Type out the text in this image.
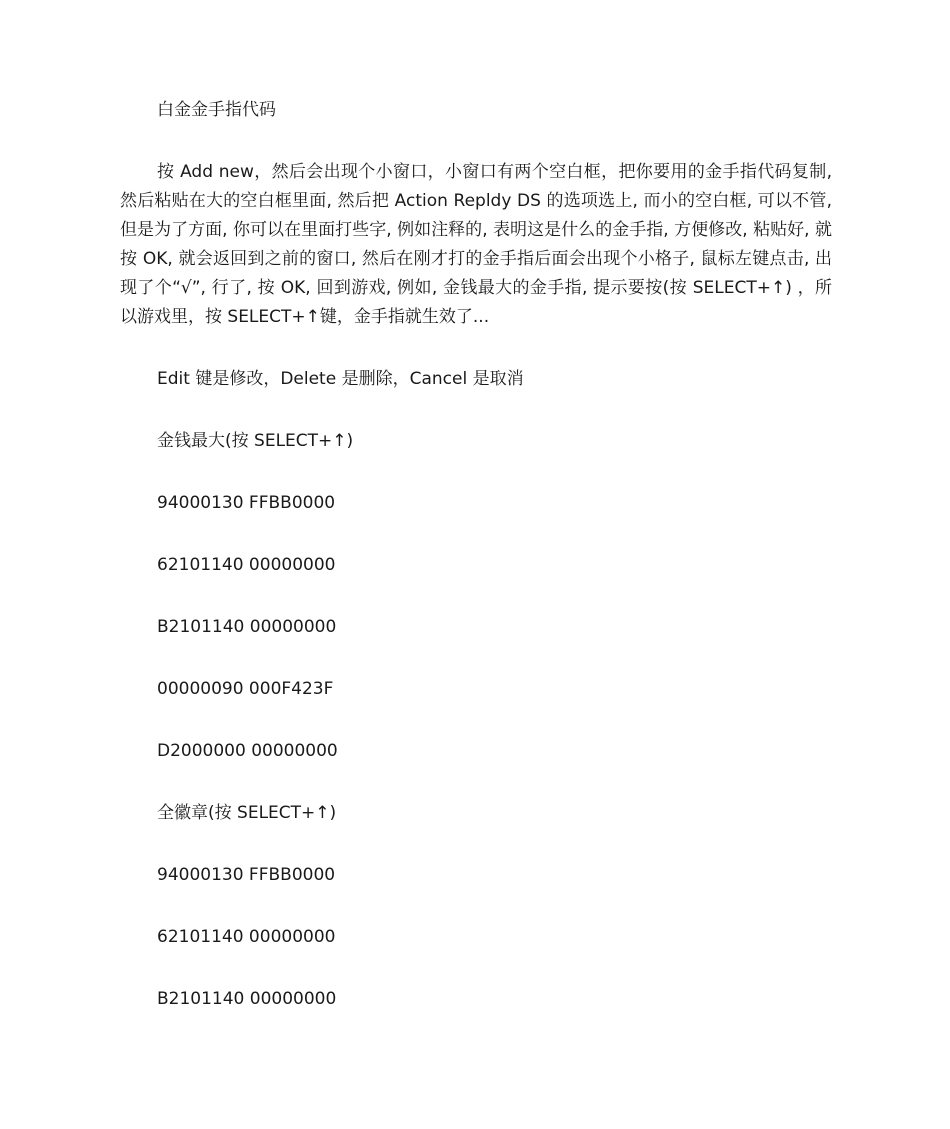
白金金手指代码

按 Add new，然后会出现个小窗口，小窗口有两个空白框，把你要用的金手指代码复制, 然后粘贴在大的空白框里面, 然后把 Action Repldy DS 的选项选上, 而小的空白框, 可以不管, 但是为了方面, 你可以在里面打些字, 例如注释的, 表明这是什么的金手指, 方便修改, 粘贴好, 就按 OK, 就会返回到之前的窗口, 然后在刚才打的金手指后面会出现个小格子, 鼠标左键点击, 出现了个“√”, 行了, 按 OK, 回到游戏, 例如, 金钱最大的金手指, 提示要按(按 SELECT+↑) ，所以游戏里，按 SELECT+↑键，金手指就生效了...

Edit 键是修改，Delete 是删除，Cancel 是取消

金钱最大(按 SELECT+↑)

94000130 FFBB0000

62101140 00000000

B2101140 00000000

00000090 000F423F

D2000000 00000000

全徽章(按 SELECT+↑)

94000130 FFBB0000

62101140 00000000

B2101140 00000000
